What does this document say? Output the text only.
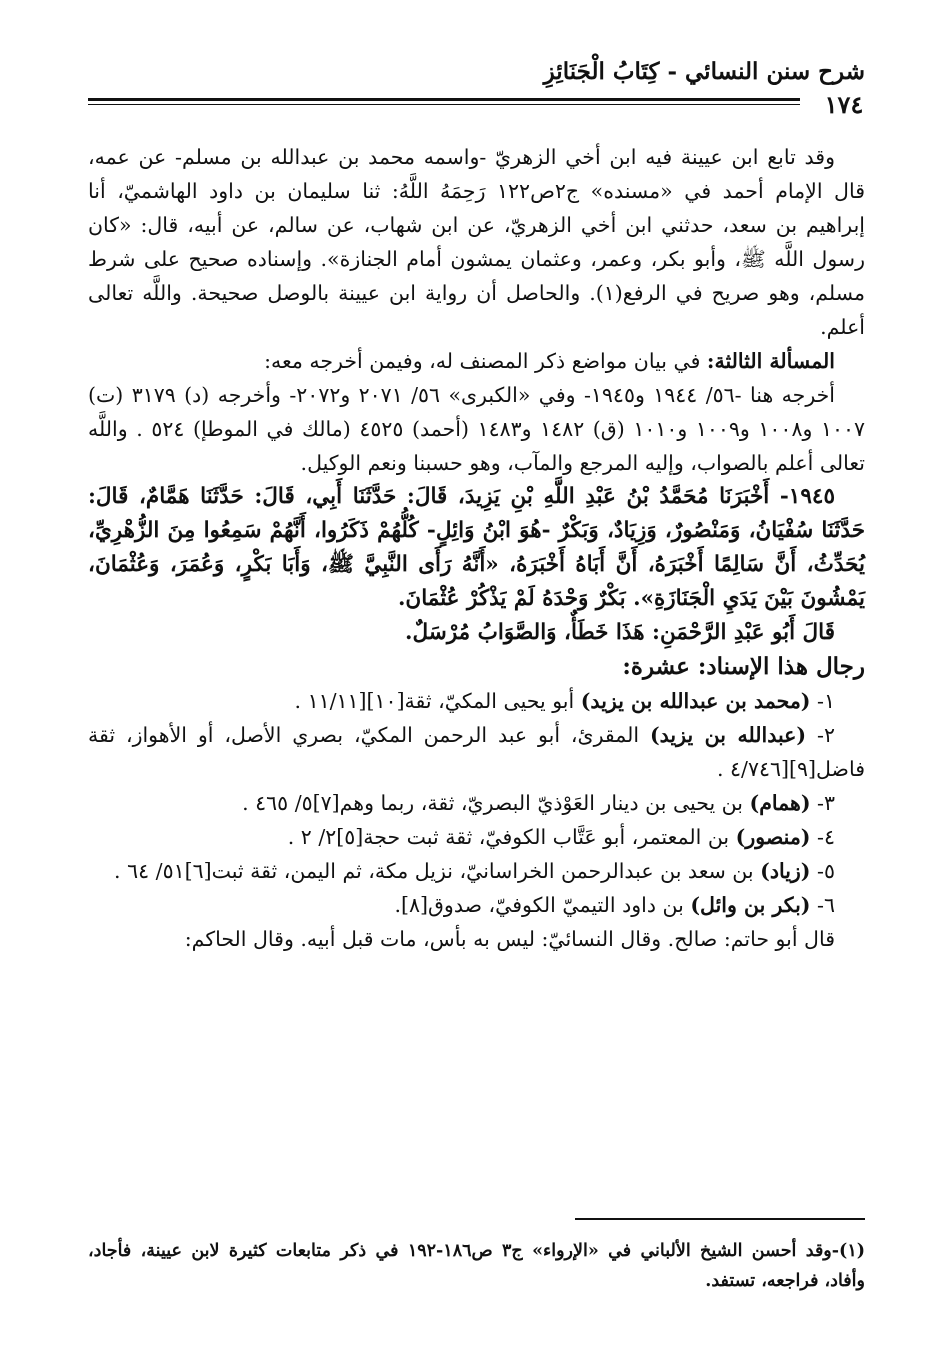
شرح سنن النسائي - كِتَابُ الْجَنَائِزِ
١٧٤

وقد تابع ابن عيينة فيه ابن أخي الزهريّ -واسمه محمد بن عبدالله بن مسلم- عن عمه، قال الإمام أحمد في «مسنده» ج٢ص١٢٢ رَحِمَهُ اللَّهُ: ثنا سليمان بن داود الهاشميّ، أنا إبراهيم بن سعد، حدثني ابن أخي الزهريّ، عن ابن شهاب، عن سالم، عن أبيه، قال: «كان رسول اللَّه ﷺ، وأبو بكر، وعمر، وعثمان يمشون أمام الجنازة». وإسناده صحيح على شرط مسلم، وهو صريح في الرفع(١). والحاصل أن رواية ابن عيينة بالوصل صحيحة. واللَّه تعالى أعلم.

المسألة الثالثة: في بيان مواضع ذكر المصنف له، وفيمن أخرجه معه:

أخرجه هنا -٥٦/ ١٩٤٤ و١٩٤٥- وفي «الكبرى» ٥٦/ ٢٠٧١ و٢٠٧٢- وأخرجه (د) ٣١٧٩ (ت) ١٠٠٧ و١٠٠٨ و١٠٠٩ و١٠١٠ (ق) ١٤٨٢ و١٤٨٣ (أحمد) ٤٥٢٥ (مالك في الموطإ) ٥٢٤ . واللَّه تعالى أعلم بالصواب، وإليه المرجع والمآب، وهو حسبنا ونعم الوكيل.

١٩٤٥- أَخْبَرَنَا مُحَمَّدُ بْنُ عَبْدِ اللَّهِ بْنِ يَزِيدَ، قَالَ: حَدَّثَنَا أَبِي، قَالَ: حَدَّثَنَا هَمَّامٌ، قَالَ: حَدَّثَنَا سُفْيَانُ، وَمَنْصُورٌ، وَزِيَادٌ، وَبَكْرٌ -هُوَ ابْنُ وَائِلٍ- كُلُّهُمْ ذَكَرُوا، أَنَّهُمْ سَمِعُوا مِنَ الزُّهْرِيِّ، يُحَدِّثُ، أَنَّ سَالِمًا أَخْبَرَهُ، أَنَّ أَبَاهُ أَخْبَرَهُ، «أَنَّهُ رَأَى النَّبِيَّ ﷺ، وَأَبَا بَكْرٍ، وَعُمَرَ، وَعُثْمَانَ، يَمْشُونَ بَيْنَ يَدَيِ الْجَنَازَةِ». بَكْرٌ وَحْدَهُ لَمْ يَذْكُرْ عُثْمَانَ.

قَالَ أَبُو عَبْدِ الرَّحْمَنِ: هَذَا خَطَأٌ، وَالصَّوَابُ مُرْسَلٌ.

رجال هذا الإسناد: عشرة:

١- (محمد بن عبدالله بن يزيد) أبو يحيى المكيّ، ثقة[١٠][١١/١١ .

٢- (عبدالله بن يزيد) المقرئ، أبو عبد الرحمن المكيّ، بصري الأصل، أو الأهواز، ثقة فاضل[٩][٤/٧٤٦ .

٣- (همام) بن يحيى بن دينار العَوْذيّ البصريّ، ثقة، ربما وهم[٧]٥/ ٤٦٥ .

٤- (منصور) بن المعتمر، أبو عَتَّاب الكوفيّ، ثقة ثبت حجة[٥]٢/ ٢ .

٥- (زياد) بن سعد بن عبدالرحمن الخراسانيّ، نزيل مكة، ثم اليمن، ثقة ثبت[٦]٥١/ ٦٤ .

٦- (بكر بن وائل) بن داود التيميّ الكوفيّ، صدوق[٨].

قال أبو حاتم: صالح. وقال النسائيّ: ليس به بأس، مات قبل أبيه. وقال الحاكم:

(١)-وقد أحسن الشيخ الألباني في «الإرواء» ج٣ ص١٨٦-١٩٢ في ذكر متابعات كثيرة لابن عيينة، فأجاد، وأفاد، فراجعه، تستفد.
